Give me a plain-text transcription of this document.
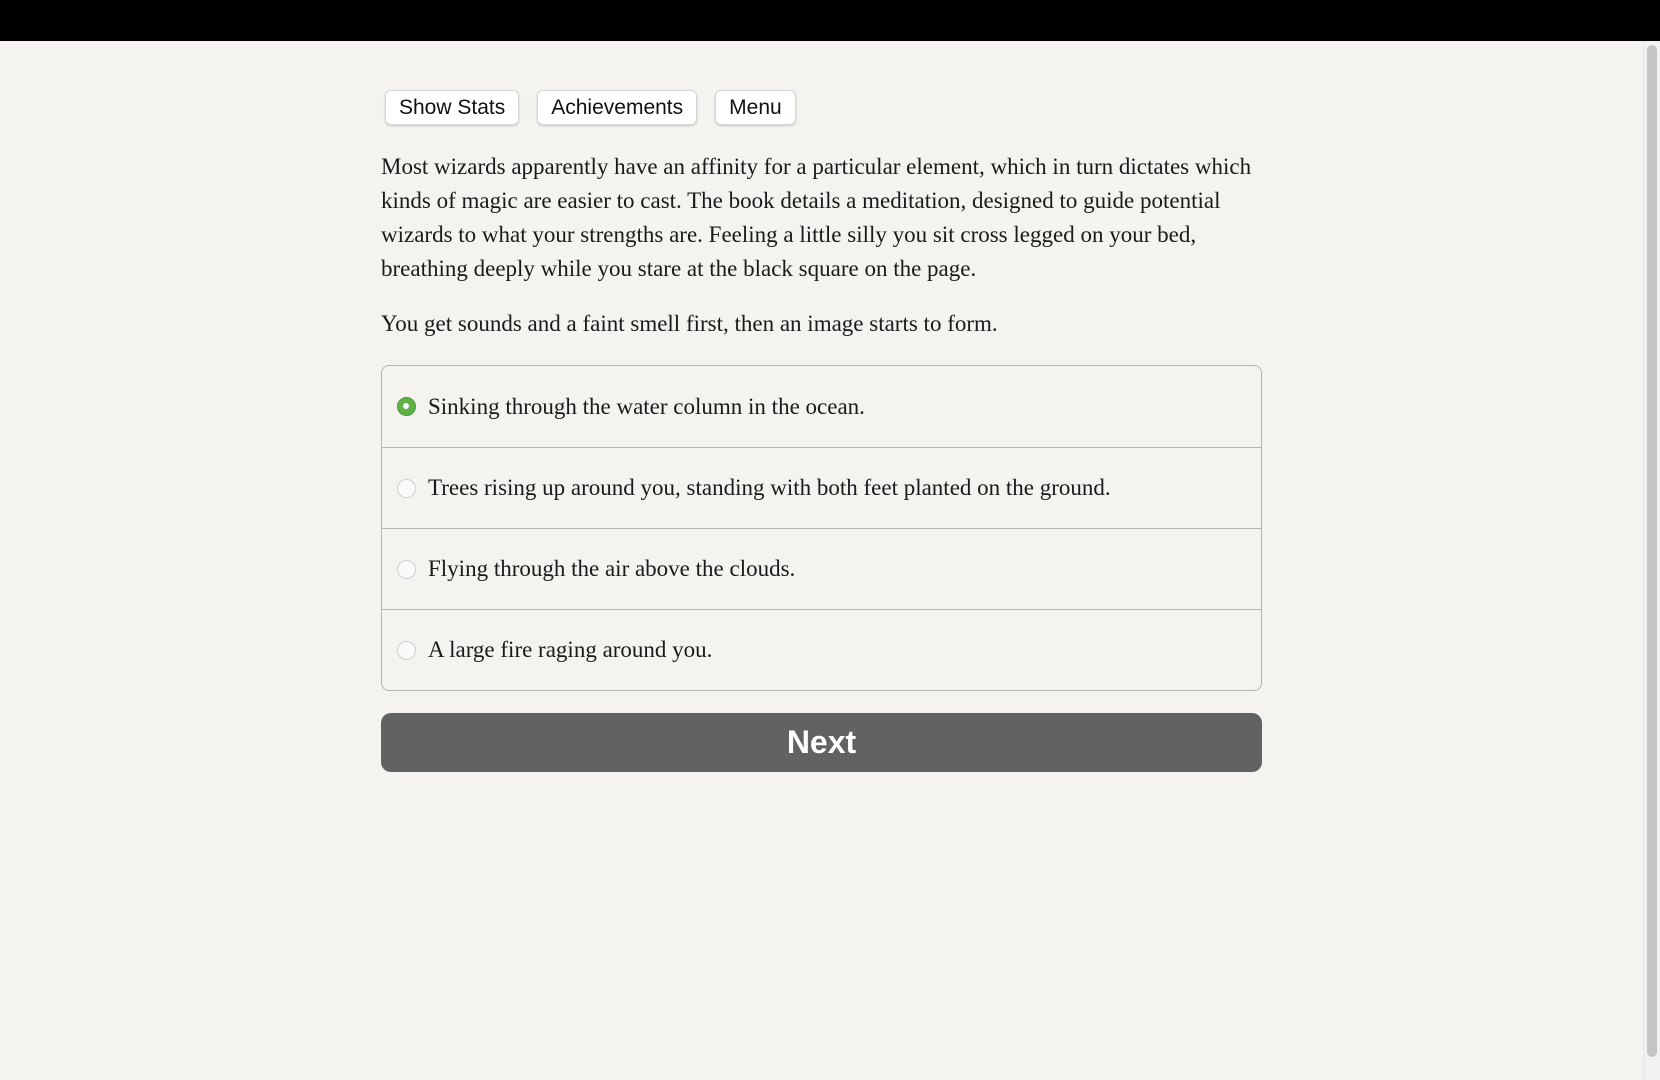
Show Stats	Achievements	Menu

Most wizards apparently have an affinity for a particular element, which in turn dictates which kinds of magic are easier to cast. The book details a meditation, designed to guide potential wizards to what your strengths are. Feeling a little silly you sit cross legged on your bed, breathing deeply while you stare at the black square on the page.

You get sounds and a faint smell first, then an image starts to form.

Sinking through the water column in the ocean.
Trees rising up around you, standing with both feet planted on the ground.
Flying through the air above the clouds.
A large fire raging around you.
Next
